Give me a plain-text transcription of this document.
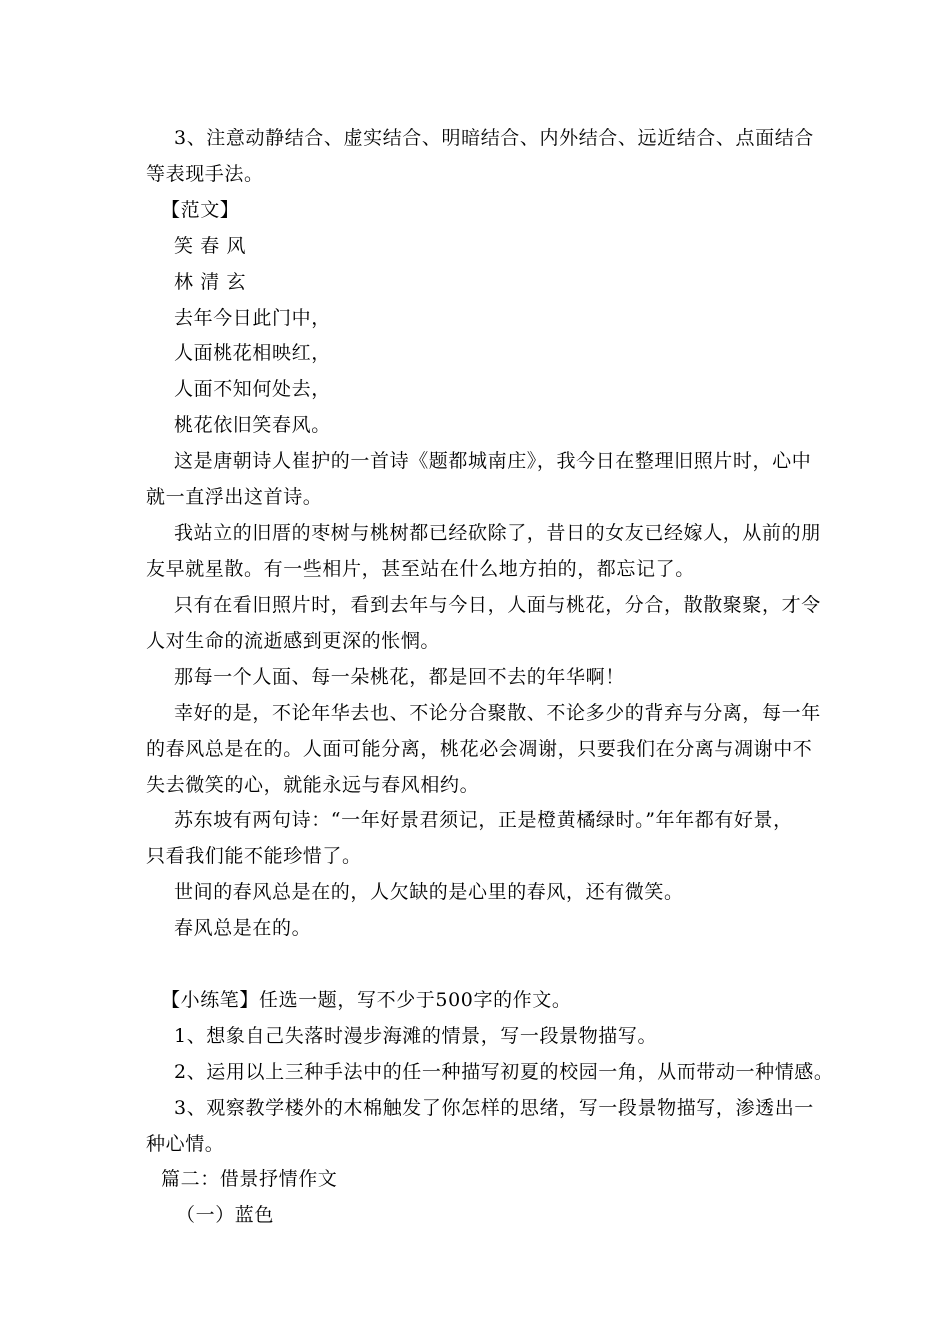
3、注意动静结合、虚实结合、明暗结合、内外结合、远近结合、点面结合
等表现手法。
【范文】
笑 春 风
林 清 玄
去年今日此门中，
人面桃花相映红，
人面不知何处去，
桃花依旧笑春风。
这是唐朝诗人崔护的一首诗《题都城南庄》，我今日在整理旧照片时，心中
就一直浮出这首诗。
我站立的旧厝的枣树与桃树都已经砍除了，昔日的女友已经嫁人，从前的朋
友早就星散。有一些相片，甚至站在什么地方拍的，都忘记了。
只有在看旧照片时，看到去年与今日，人面与桃花，分合，散散聚聚，才令
人对生命的流逝感到更深的怅惘。
那每一个人面、每一朵桃花，都是回不去的年华啊！
幸好的是，不论年华去也、不论分合聚散、不论多少的背弃与分离，每一年
的春风总是在的。人面可能分离，桃花必会凋谢，只要我们在分离与凋谢中不
失去微笑的心，就能永远与春风相约。
苏东坡有两句诗：“一年好景君须记，正是橙黄橘绿时。”年年都有好景，
只看我们能不能珍惜了。
世间的春风总是在的，人欠缺的是心里的春风，还有微笑。
春风总是在的。
【小练笔】任选一题，写不少于500字的作文。
1、想象自己失落时漫步海滩的情景，写一段景物描写。
2、运用以上三种手法中的任一种描写初夏的校园一角，从而带动一种情感。
3、观察教学楼外的木棉触发了你怎样的思绪，写一段景物描写，渗透出一
种心情。
篇二：借景抒情作文
（一）蓝色
